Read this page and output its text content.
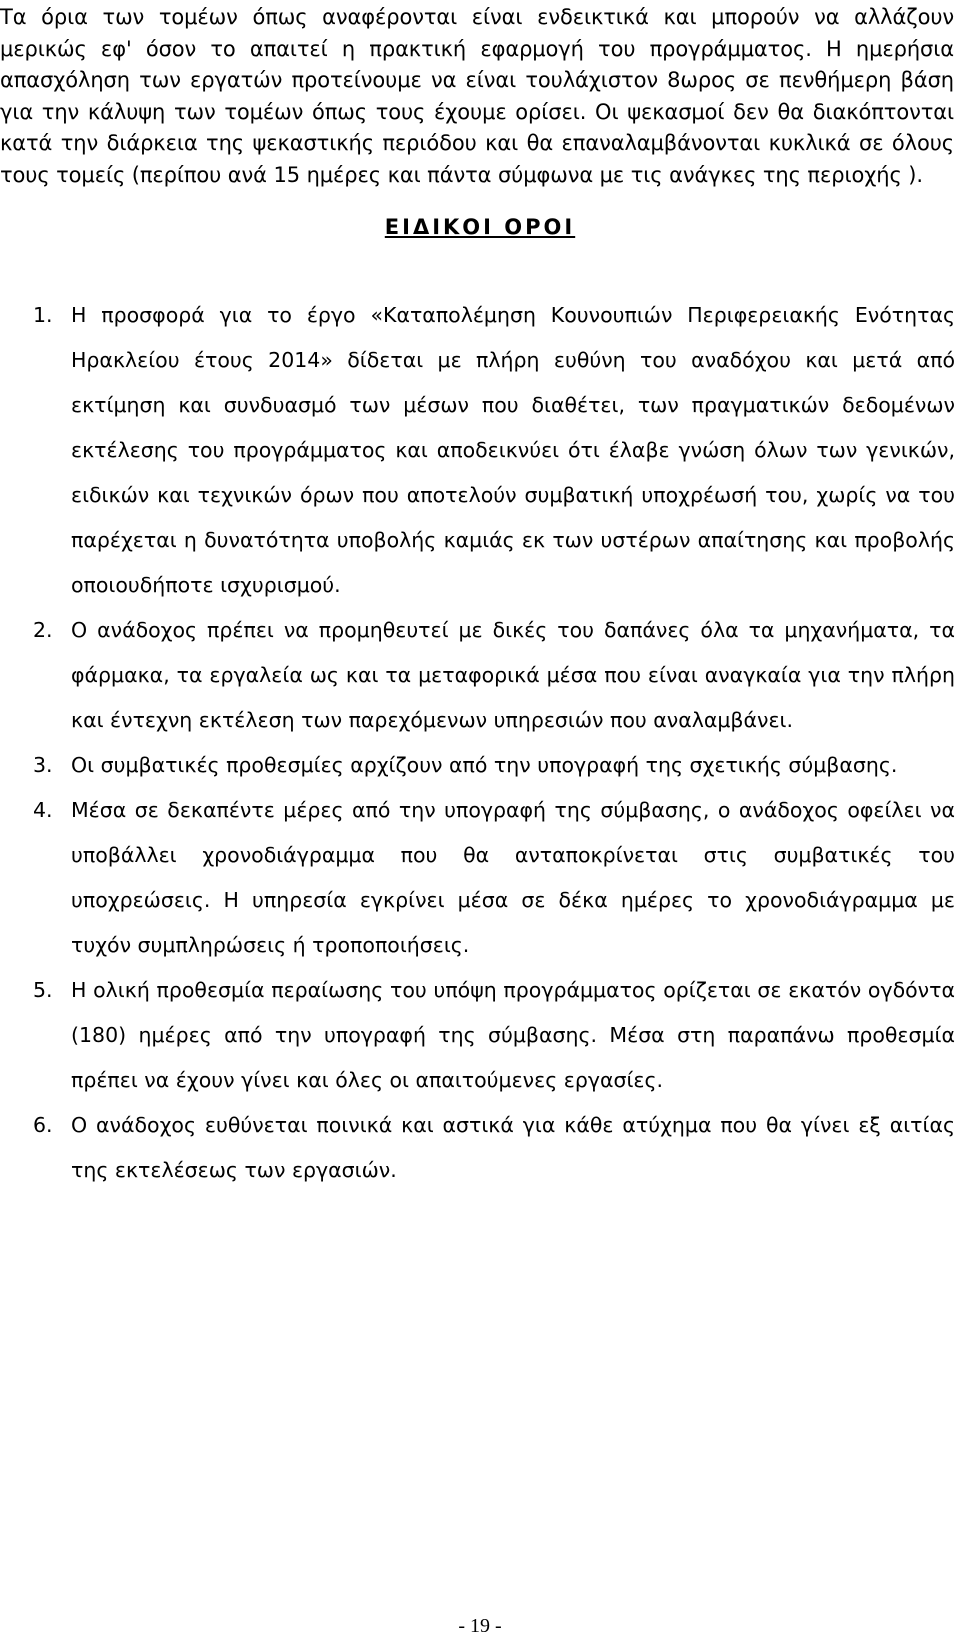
Τα όρια των τομέων όπως αναφέρονται είναι ενδεικτικά και μπορούν να αλλάζουν μερικώς εφ' όσον το απαιτεί η πρακτική εφαρμογή του προγράμματος. Η ημερήσια απασχόληση των εργατών προτείνουμε να είναι τουλάχιστον 8ωρος σε πενθήμερη βάση για την κάλυψη των τομέων όπως τους έχουμε ορίσει. Οι ψεκασμοί δεν θα διακόπτονται κατά την διάρκεια της ψεκαστικής περιόδου και θα επαναλαμβάνονται κυκλικά σε όλους τους τομείς (περίπου ανά 15 ημέρες και πάντα σύμφωνα με τις ανάγκες της περιοχής ).

ΕΙΔΙΚΟΙ ΟΡΟΙ
1. Η προσφορά για το έργο «Καταπολέμηση Κουνουπιών Περιφερειακής Ενότητας Ηρακλείου έτους 2014» δίδεται με πλήρη ευθύνη του αναδόχου και μετά από εκτίμηση και συνδυασμό των μέσων που διαθέτει, των πραγματικών δεδομένων εκτέλεσης του προγράμματος και αποδεικνύει ότι έλαβε γνώση όλων των γενικών, ειδικών και τεχνικών όρων που αποτελούν συμβατική υποχρέωσή του, χωρίς να του παρέχεται η δυνατότητα υποβολής καμιάς εκ των υστέρων απαίτησης και προβολής οποιουδήποτε ισχυρισμού.
2. Ο ανάδοχος πρέπει να προμηθευτεί με δικές του δαπάνες όλα τα μηχανήματα, τα φάρμακα, τα εργαλεία ως και τα μεταφορικά μέσα που είναι αναγκαία για την πλήρη και έντεχνη εκτέλεση των παρεχόμενων υπηρεσιών που αναλαμβάνει.
3. Οι συμβατικές προθεσμίες αρχίζουν από την υπογραφή της σχετικής σύμβασης.
4. Μέσα σε δεκαπέντε μέρες από την υπογραφή της σύμβασης, ο ανάδοχος οφείλει να υποβάλλει χρονοδιάγραμμα που θα ανταποκρίνεται στις συμβατικές του υποχρεώσεις. Η υπηρεσία εγκρίνει μέσα σε δέκα ημέρες το χρονοδιάγραμμα με τυχόν συμπληρώσεις ή τροποποιήσεις.
5. Η ολική προθεσμία περαίωσης του υπόψη προγράμματος ορίζεται σε εκατόν ογδόντα (180) ημέρες από την υπογραφή της σύμβασης. Μέσα στη παραπάνω προθεσμία πρέπει να έχουν γίνει και όλες οι απαιτούμενες εργασίες.
6. Ο ανάδοχος ευθύνεται ποινικά και αστικά για κάθε ατύχημα που θα γίνει εξ αιτίας της εκτελέσεως των εργασιών.

- 19 -
